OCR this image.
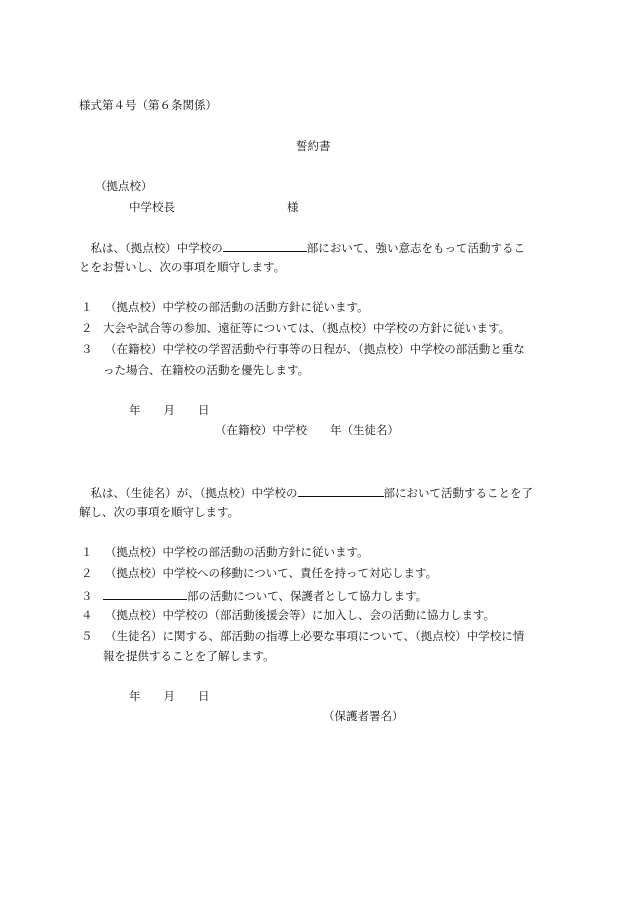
様式第４号（第６条関係）
誓約書
（拠点校）
中学校長	様
　私は、（拠点校）中学校の	部において、強い意志をもって活動するこ
とをお誓いし、次の事項を順守します。
１ （拠点校）中学校の部活動の活動方針に従います。
２ 大会や試合等の参加、遠征等については、（拠点校）中学校の方針に従います。
３ （在籍校）中学校の学習活動や行事等の日程が、（拠点校）中学校の部活動と重な
った場合、在籍校の活動を優先します。
年　　月　　日
（在籍校）中学校　　年（生徒名）
　私は、（生徒名）が、（拠点校）中学校の	部において活動することを了
解し、次の事項を順守します。
１ （拠点校）中学校の部活動の活動方針に従います。
２ （拠点校）中学校への移動について、責任を持って対応します。
３	部の活動について、保護者として協力します。
４ （拠点校）中学校の（部活動後援会等）に加入し、会の活動に協力します。
５ （生徒名）に関する、部活動の指導上必要な事項について、（拠点校）中学校に情
報を提供することを了解します。
年　　月　　日
（保護者署名）
